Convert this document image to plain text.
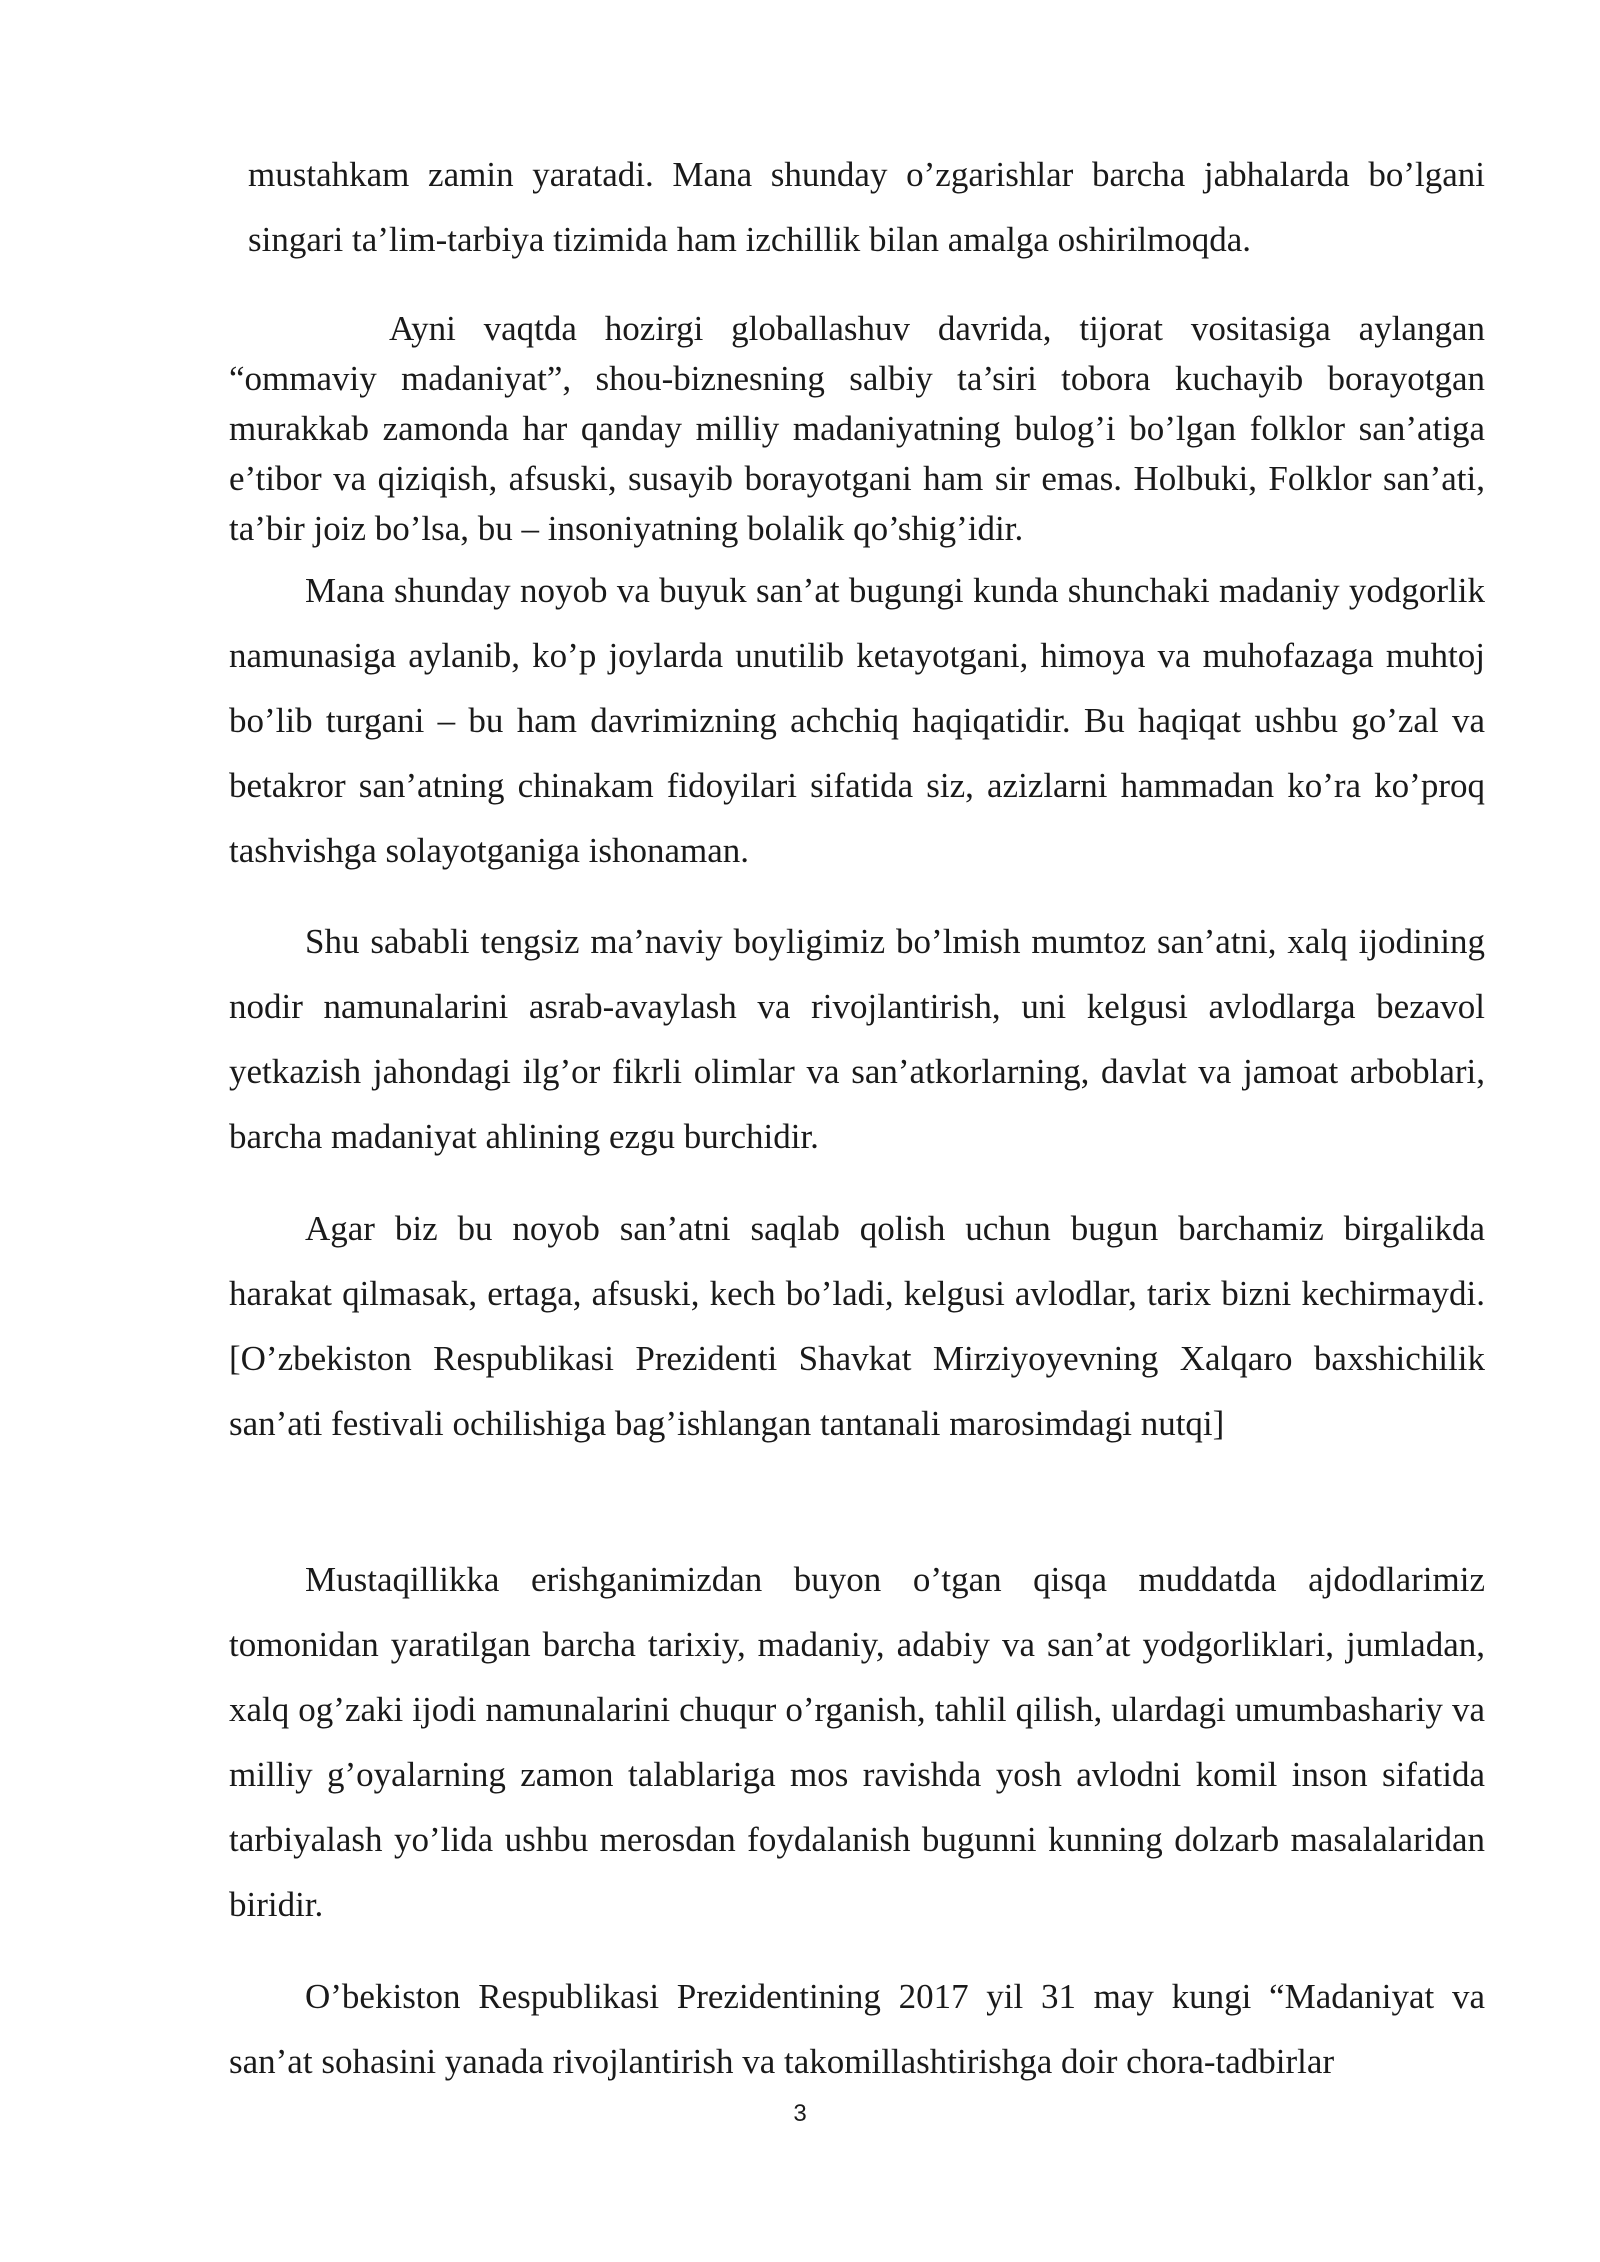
mustahkam zamin yaratadi. Mana shunday o’zgarishlar barcha jabhalarda bo’lgani singari ta’lim-tarbiya tizimida ham izchillik bilan amalga oshirilmoqda.

Ayni vaqtda hozirgi globallashuv davrida, tijorat vositasiga aylangan “ommaviy madaniyat”, shou-biznesning salbiy ta’siri tobora kuchayib borayotgan murakkab zamonda har qanday milliy madaniyatning bulog’i bo’lgan folklor san’atiga e’tibor va qiziqish, afsuski, susayib borayotgani ham sir emas. Holbuki, Folklor san’ati, ta’bir joiz bo’lsa, bu – insoniyatning bolalik qo’shig’idir.

Mana shunday noyob va buyuk san’at bugungi kunda shunchaki madaniy yodgorlik namunasiga aylanib, ko’p joylarda unutilib ketayotgani, himoya va muhofazaga muhtoj bo’lib turgani – bu ham davrimizning achchiq haqiqatidir. Bu haqiqat ushbu go’zal va betakror san’atning chinakam fidoyilari sifatida siz, azizlarni hammadan ko’ra ko’proq tashvishga solayotganiga ishonaman.

Shu sababli tengsiz ma’naviy boyligimiz bo’lmish mumtoz san’atni, xalq ijodining nodir namunalarini asrab-avaylash va rivojlantirish, uni kelgusi avlodlarga bezavol yetkazish jahondagi ilg’or fikrli olimlar va san’atkorlarning, davlat va jamoat arboblari, barcha madaniyat ahlining ezgu burchidir.

Agar biz bu noyob san’atni saqlab qolish uchun bugun barchamiz birgalikda harakat qilmasak, ertaga, afsuski, kech bo’ladi, kelgusi avlodlar, tarix bizni kechirmaydi. [O’zbekiston Respublikasi Prezidenti Shavkat Mirziyoyevning Xalqaro baxshichilik san’ati festivali ochilishiga bag’ishlangan tantanali marosimdagi nutqi]

Mustaqillikka erishganimizdan buyon o’tgan qisqa muddatda ajdodlarimiz tomonidan yaratilgan barcha tarixiy, madaniy, adabiy va san’at yodgorliklari, jumladan, xalq og’zaki ijodi namunalarini chuqur o’rganish, tahlil qilish, ulardagi umumbashariy va milliy g’oyalarning zamon talablariga mos ravishda yosh avlodni komil inson sifatida tarbiyalash yo’lida ushbu merosdan foydalanish bugunni kunning dolzarb masalalaridan biridir.

O’bekiston Respublikasi Prezidentining 2017 yil 31 may kungi “Madaniyat va san’at sohasini yanada rivojlantirish va takomillashtirishga doir chora-tadbirlar

3
